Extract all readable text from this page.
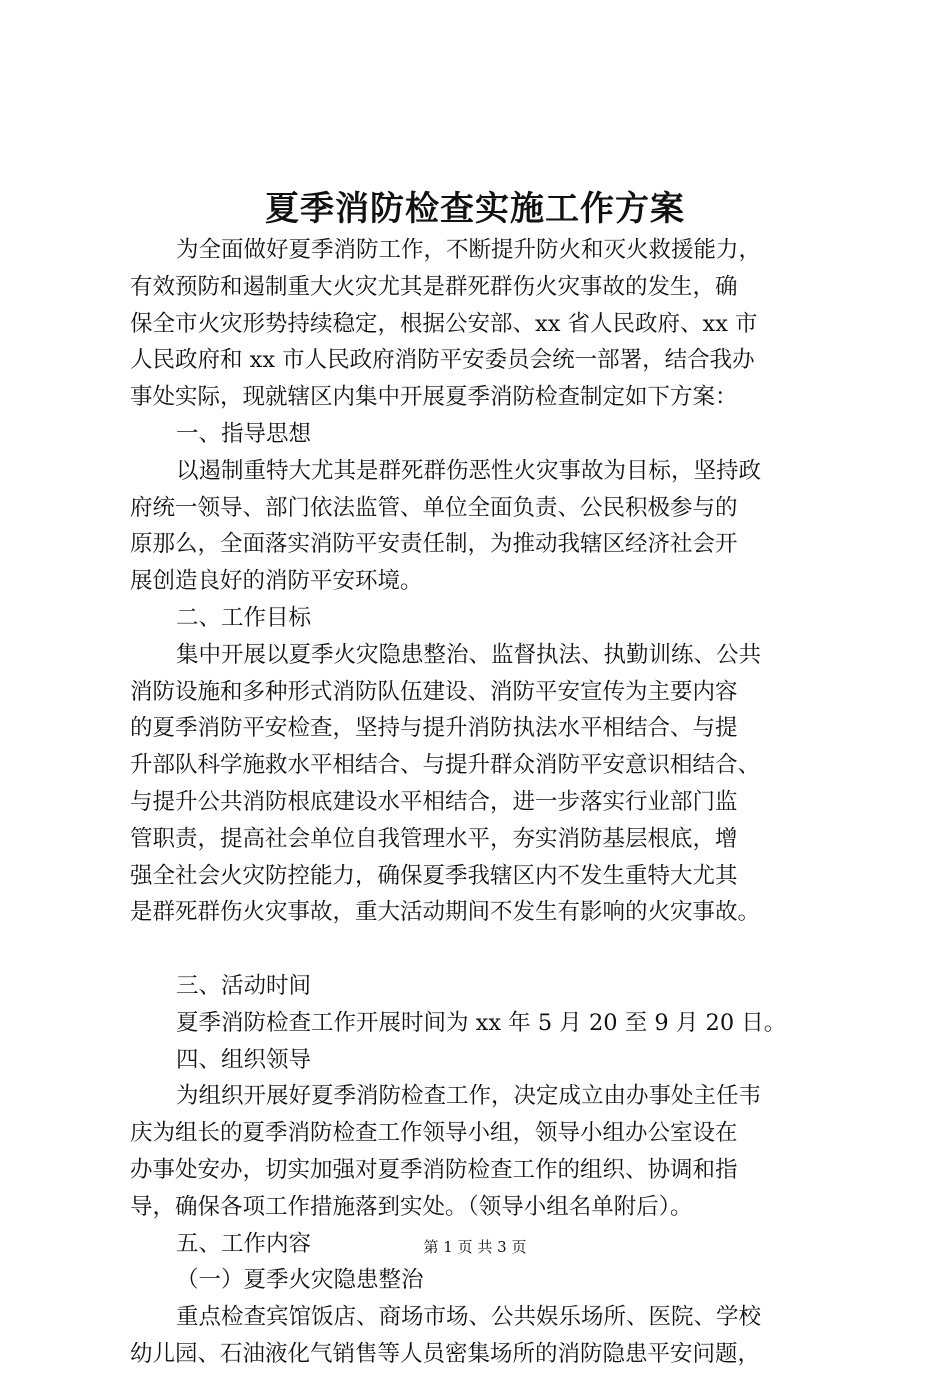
夏季消防检查实施工作方案
为全面做好夏季消防工作，不断提升防火和灭火救援能力，
有效预防和遏制重大火灾尤其是群死群伤火灾事故的发生，确
保全市火灾形势持续稳定，根据公安部、xx 省人民政府、xx 市
人民政府和 xx 市人民政府消防平安委员会统一部署，结合我办
事处实际，现就辖区内集中开展夏季消防检查制定如下方案：
一、指导思想
以遏制重特大尤其是群死群伤恶性火灾事故为目标，坚持政
府统一领导、部门依法监管、单位全面负责、公民积极参与的
原那么，全面落实消防平安责任制，为推动我辖区经济社会开
展创造良好的消防平安环境。
二、工作目标
集中开展以夏季火灾隐患整治、监督执法、执勤训练、公共
消防设施和多种形式消防队伍建设、消防平安宣传为主要内容
的夏季消防平安检查，坚持与提升消防执法水平相结合、与提
升部队科学施救水平相结合、与提升群众消防平安意识相结合、
与提升公共消防根底建设水平相结合，进一步落实行业部门监
管职责，提高社会单位自我管理水平，夯实消防基层根底，增
强全社会火灾防控能力，确保夏季我辖区内不发生重特大尤其
是群死群伤火灾事故，重大活动期间不发生有影响的火灾事故。
三、活动时间
夏季消防检查工作开展时间为 xx 年 5 月 20 至 9 月 20 日。
四、组织领导
为组织开展好夏季消防检查工作，决定成立由办事处主任韦
庆为组长的夏季消防检查工作领导小组，领导小组办公室设在
办事处安办，切实加强对夏季消防检查工作的组织、协调和指
导，确保各项工作措施落到实处。（领导小组名单附后）。
五、工作内容
（一）夏季火灾隐患整治
重点检查宾馆饭店、商场市场、公共娱乐场所、医院、学校
幼儿园、石油液化气销售等人员密集场所的消防隐患平安问题，
第 1 页 共 3 页
